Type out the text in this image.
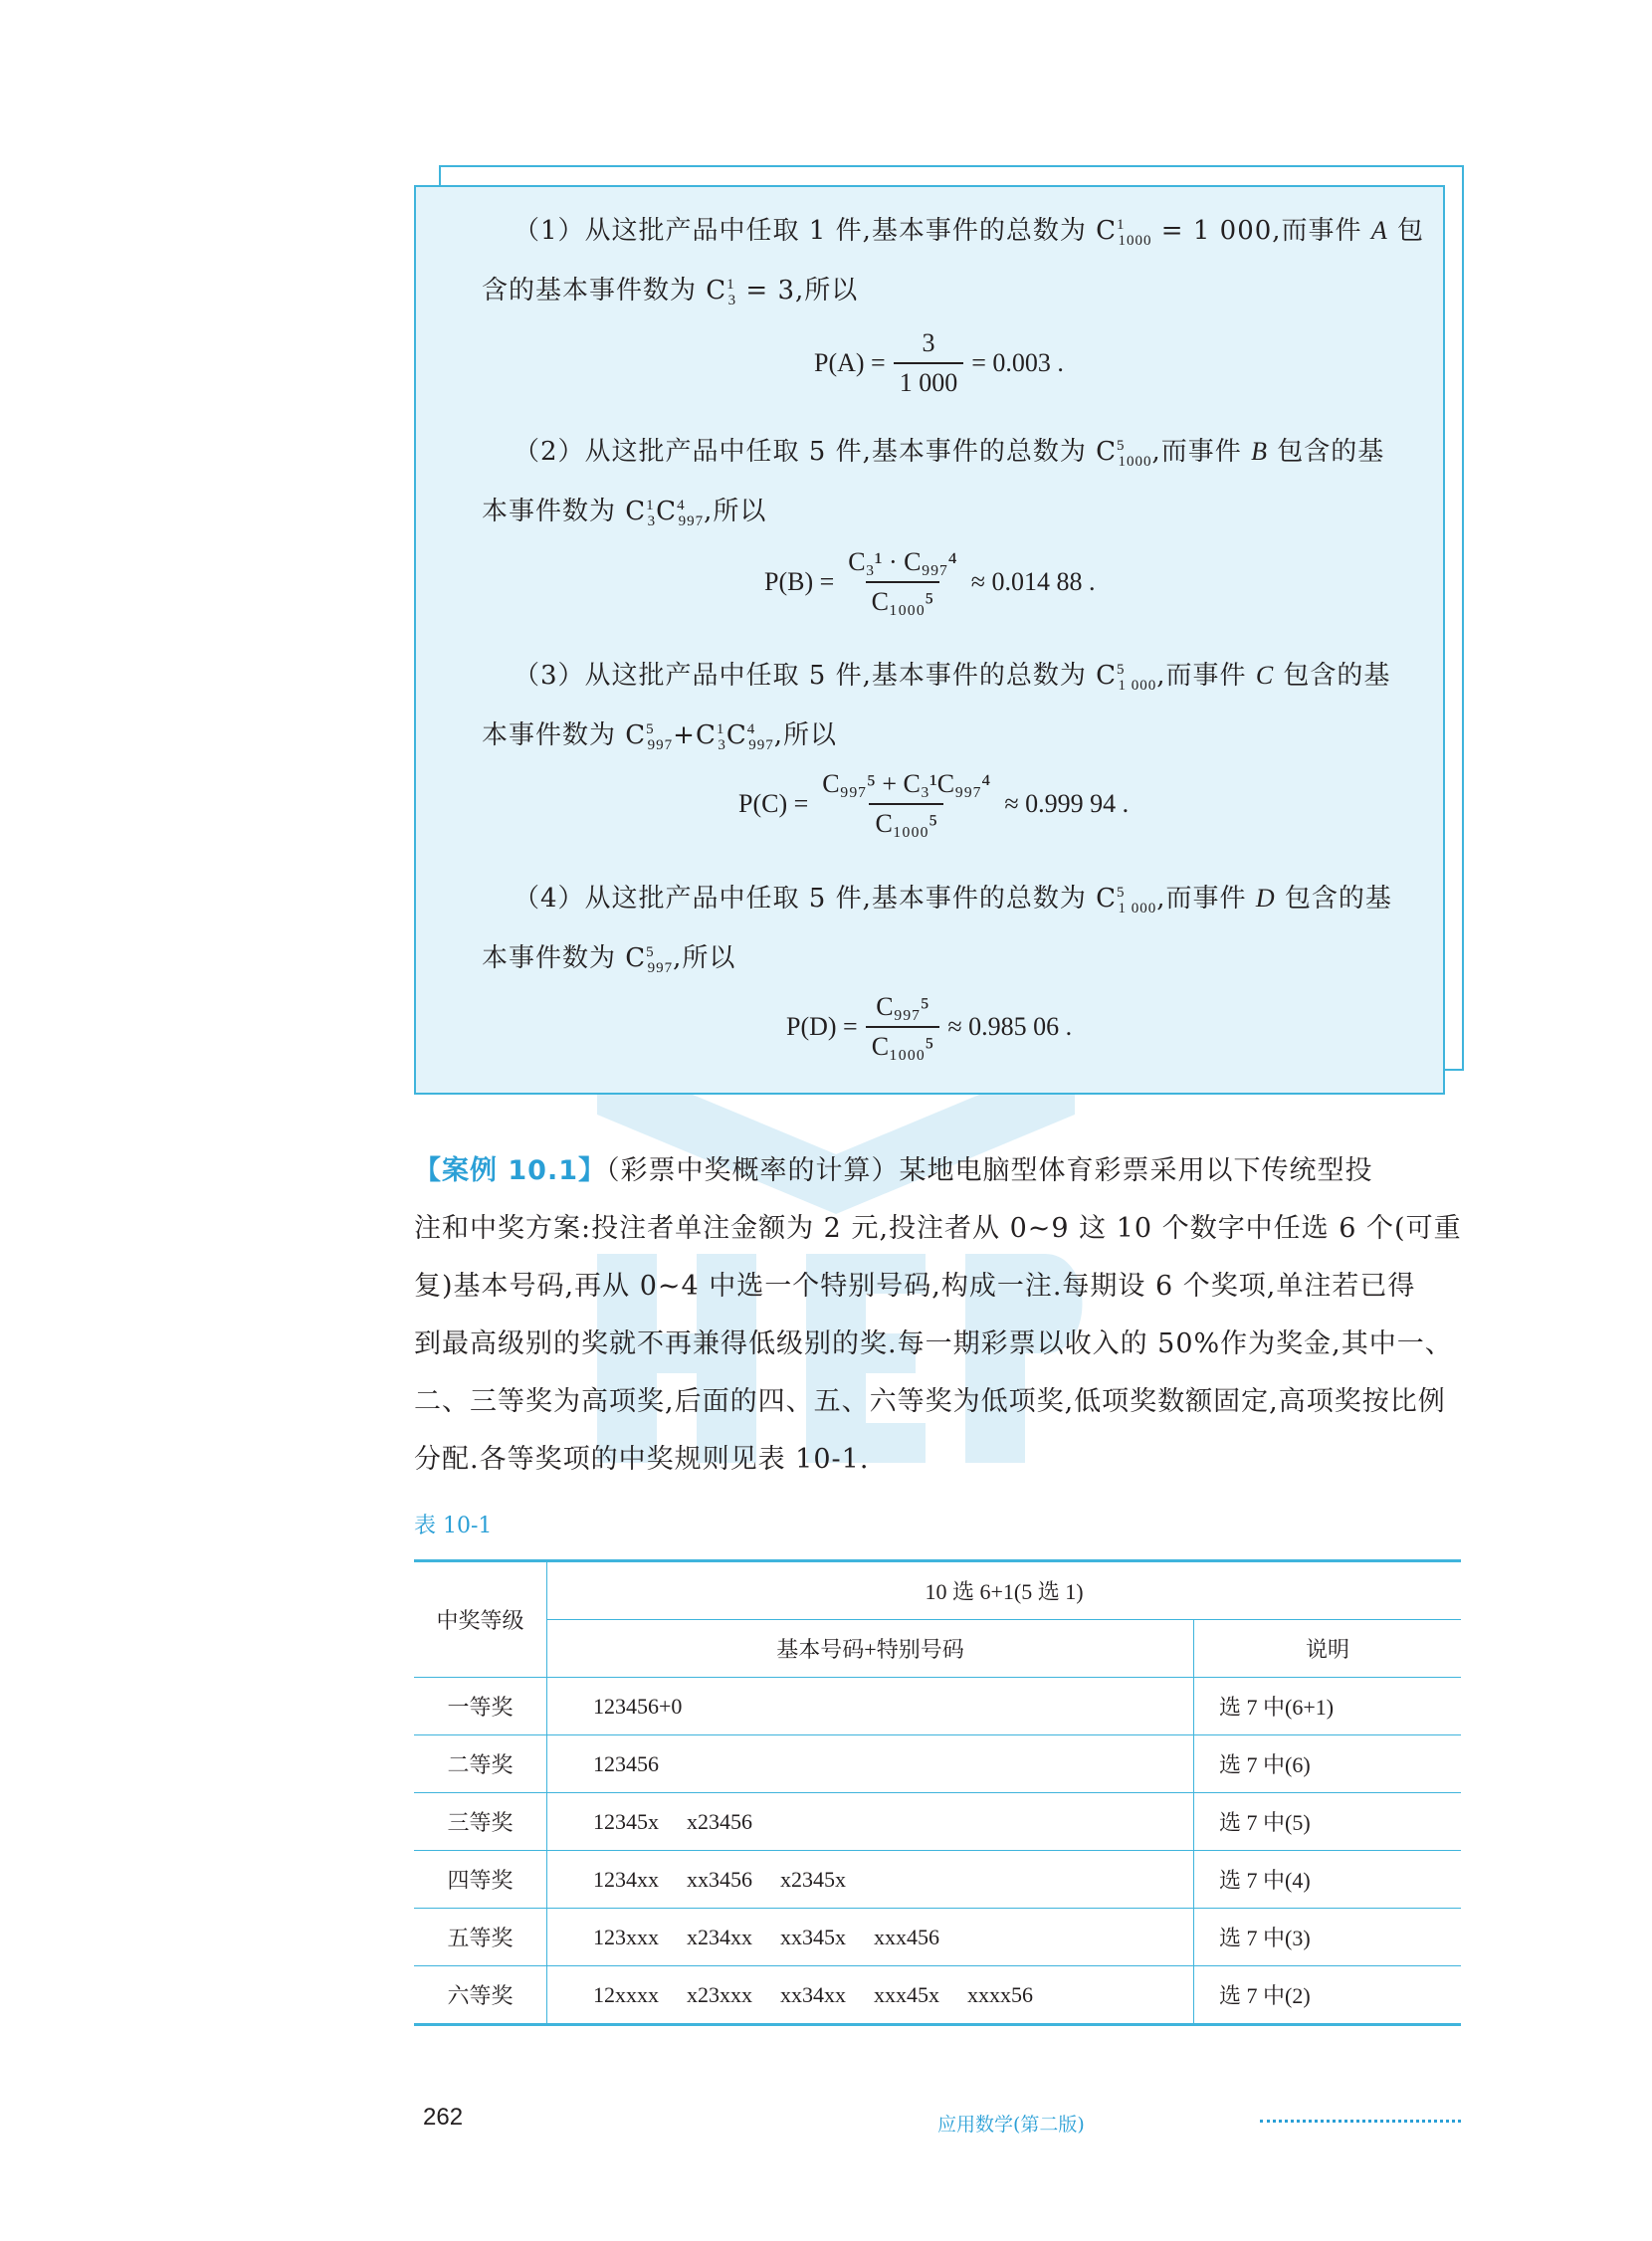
（1）从这批产品中任取 1 件,基本事件的总数为 $C^1_{1000} = 1$ 000,而事件 A 包
含的基本事件数为 $C^1_3 = 3$,所以
$P(A) = \frac{3}{1 000} = 0.003$ .
（2）从这批产品中任取 5 件,基本事件的总数为 $C^5_{1000}$,而事件 B 包含的基
本事件数为 $C^1_3C^4_{997}$,所以
$P(B) = \frac{\text{C₃¹ · C₉₉₇⁴}}{\text{C₁₀₀₀⁵}} \approx 0.014$ 88 .
（3）从这批产品中任取 5 件,基本事件的总数为 $C^5_{1 000}$,而事件 C 包含的基
本事件数为 $C^5_{997}+C^1_3C^4_{997}$,所以
$P(C) = \frac{\text{C₉₉₇⁵ + C₃¹C₉₉₇⁴}}{\text{C₁₀₀₀⁵}} \approx 0.999$ 94 .
（4）从这批产品中任取 5 件,基本事件的总数为 $C^5_{1 000}$,而事件 D 包含的基
本事件数为 $C^5_{997}$,所以
$P(D) = \frac{\text{C₉₉₇⁵}}{\text{C₁₀₀₀⁵}} \approx 0.985$ 06 .
【案例 10.1】（彩票中奖概率的计算）某地电脑型体育彩票采用以下传统型投
注和中奖方案:投注者单注金额为 2 元,投注者从 0~9 这 10 个数字中任选 6 个(可重
复)基本号码,再从 0~4 中选一个特别号码,构成一注.每期设 6 个奖项,单注若已得
到最高级别的奖就不再兼得低级别的奖.每一期彩票以收入的 50%作为奖金,其中一、
二、三等奖为高项奖,后面的四、五、六等奖为低项奖,低项奖数额固定,高项奖按比例
分配.各等奖项的中奖规则见表 10-1.
表 10-1
中奖等级	10 选 6+1(5 选 1)	
	基本号码+特别号码	说明
一等奖	123456+0	选 7 中(6+1)
二等奖	123456	选 7 中(6)
三等奖	12345x x23456	选 7 中(5)
四等奖	1234xx xx3456 x2345x	选 7 中(4)
五等奖	123xxx x234xx xx345x xxx456	选 7 中(3)
六等奖	12xxxx x23xxx xx34xx xxx45x xxxx56	选 7 中(2)
262	应用数学(第二版)
